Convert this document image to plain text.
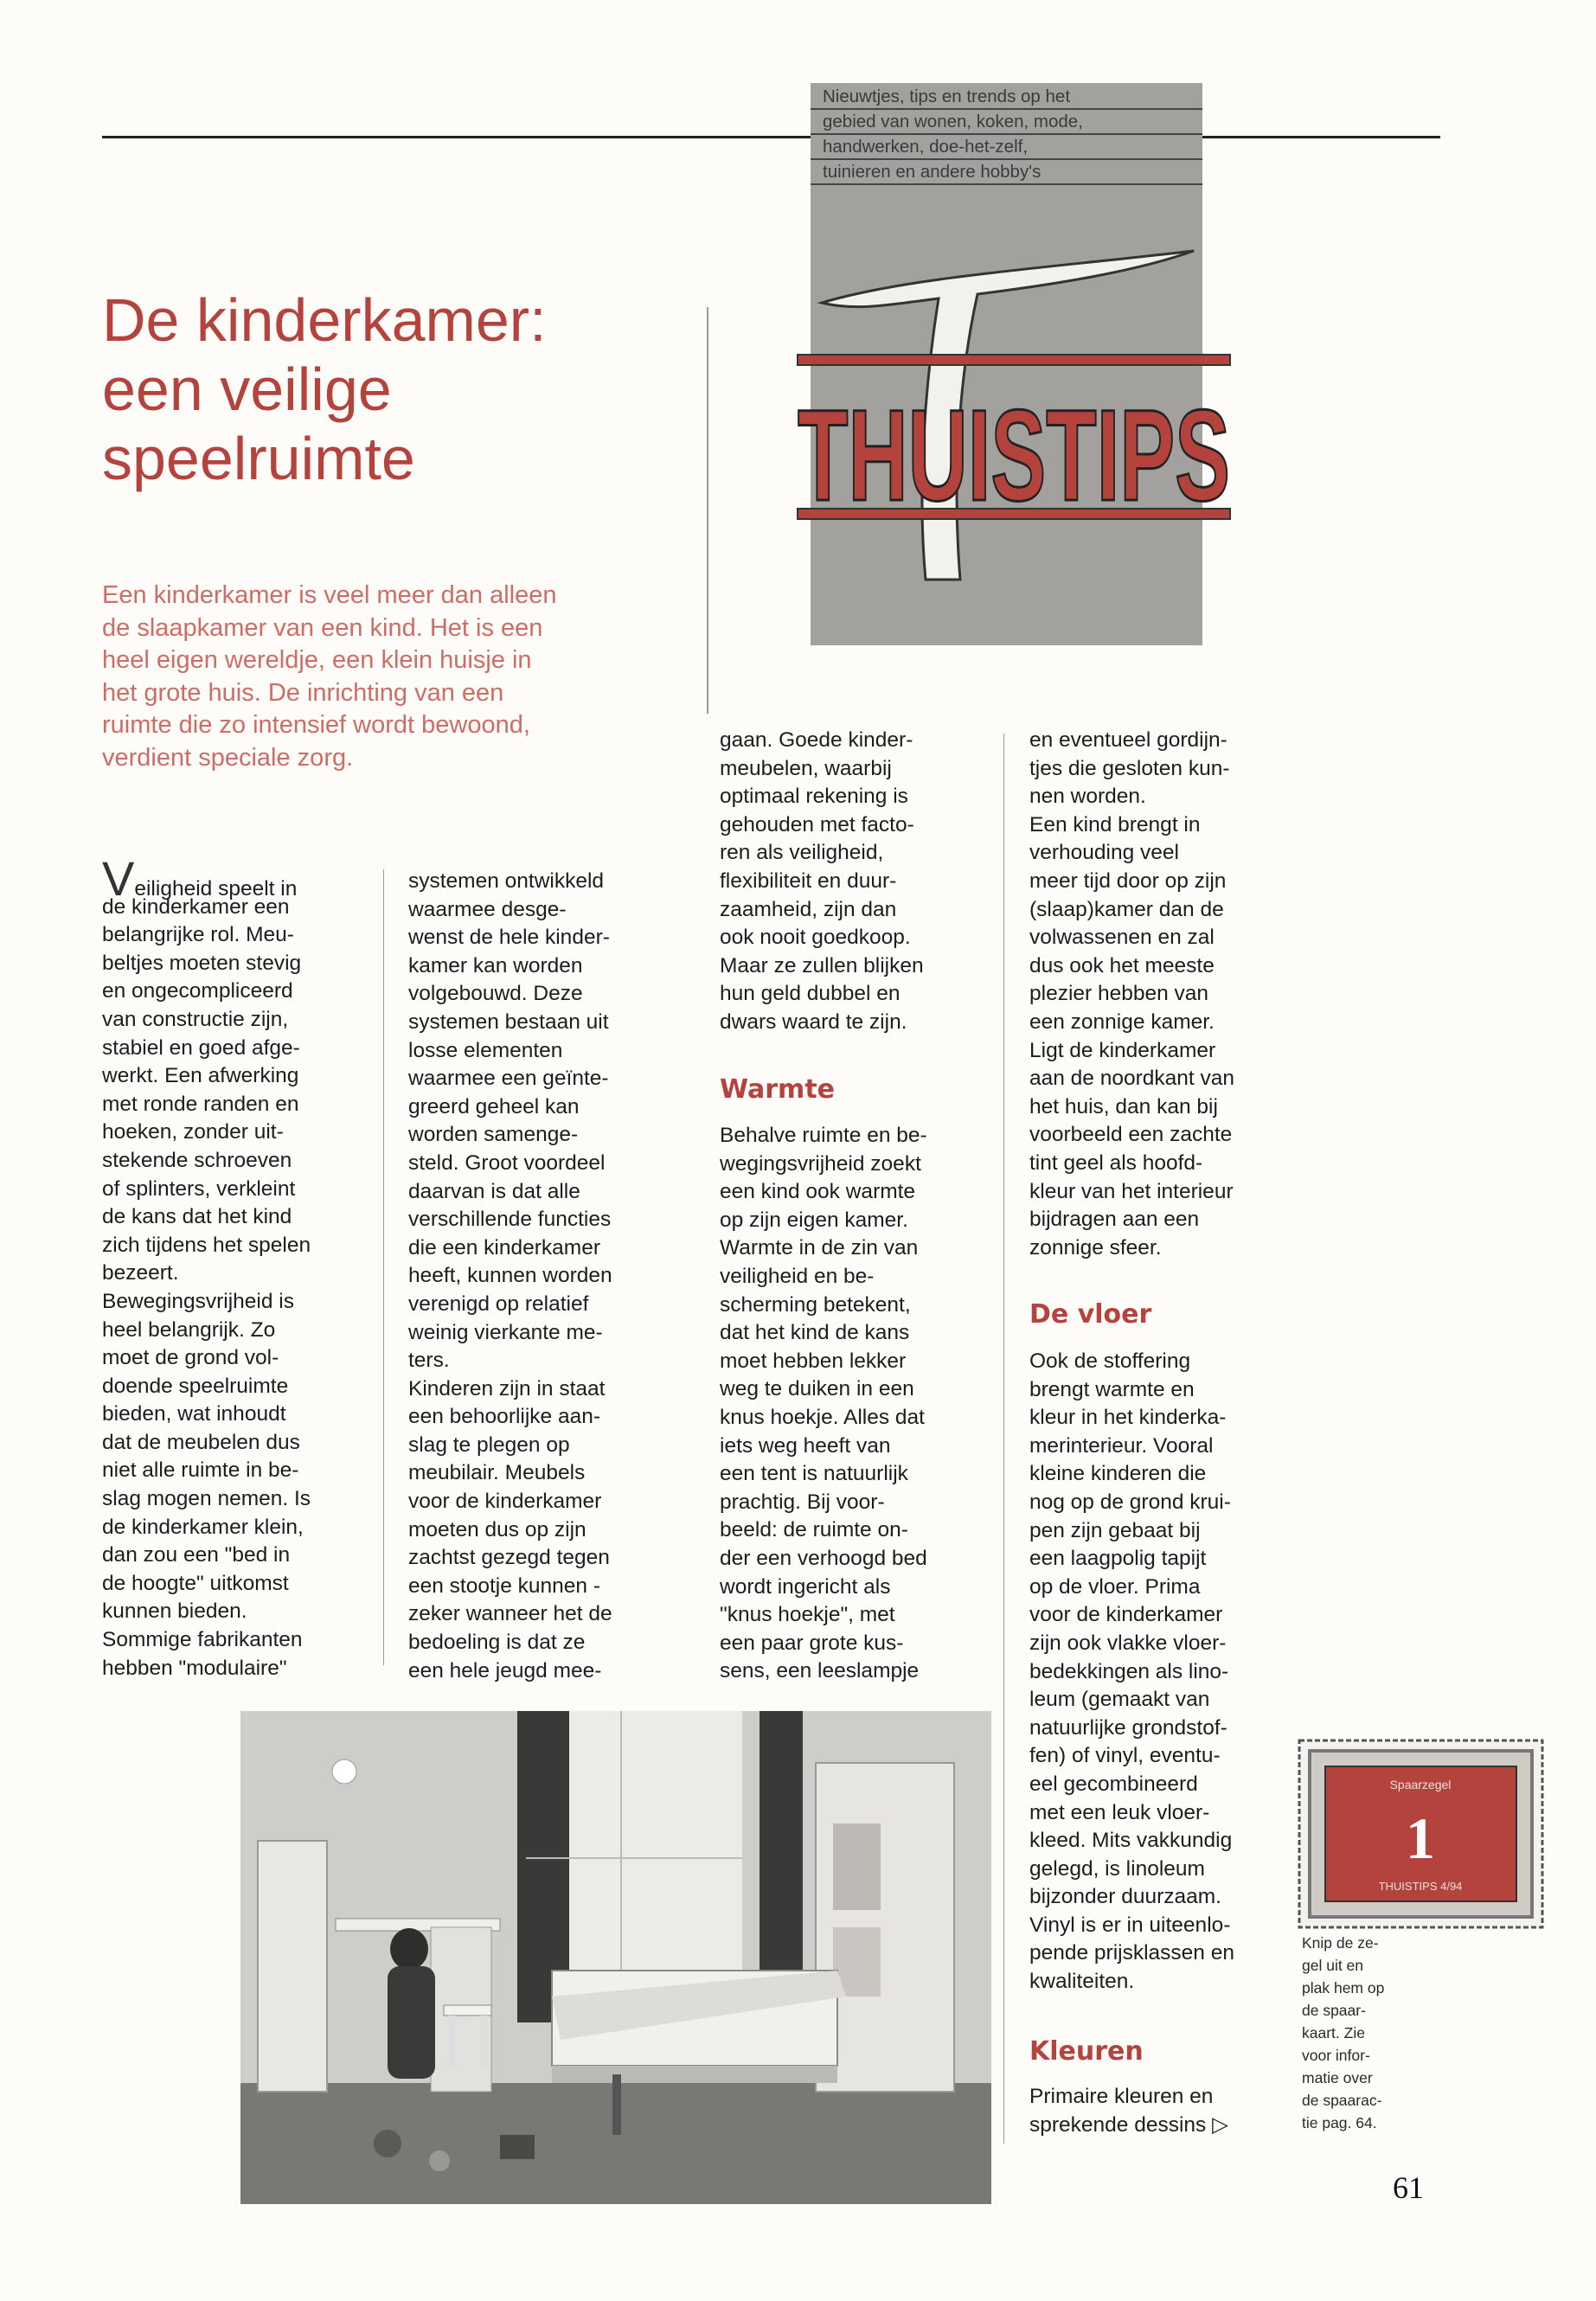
Nieuwtjes, tips en trends op het
gebied van wonen, koken, mode,
handwerken, doe-het-zelf,
tuinieren en andere hobby's
THUISTIPS
De kinderkamer:
een veilige
speelruimte
Een kinderkamer is veel meer dan alleen
de slaapkamer van een kind. Het is een
heel eigen wereldje, een klein huisje in
het grote huis. De inrichting van een
ruimte die zo intensief wordt bewoond,
verdient speciale zorg.
Veiligheid speelt in
de kinderkamer een
belangrijke rol. Meu-
beltjes moeten stevig
en ongecompliceerd
van constructie zijn,
stabiel en goed afge-
werkt. Een afwerking
met ronde randen en
hoeken, zonder uit-
stekende schroeven
of splinters, verkleint
de kans dat het kind
zich tijdens het spelen
bezeert.
Bewegingsvrijheid is
heel belangrijk. Zo
moet de grond vol-
doende speelruimte
bieden, wat inhoudt
dat de meubelen dus
niet alle ruimte in be-
slag mogen nemen. Is
de kinderkamer klein,
dan zou een "bed in
de hoogte" uitkomst
kunnen bieden.
Sommige fabrikanten
hebben "modulaire"
systemen ontwikkeld
waarmee desge-
wenst de hele kinder-
kamer kan worden
volgebouwd. Deze
systemen bestaan uit
losse elementen
waarmee een geïnte-
greerd geheel kan
worden samenge-
steld. Groot voordeel
daarvan is dat alle
verschillende functies
die een kinderkamer
heeft, kunnen worden
verenigd op relatief
weinig vierkante me-
ters.
Kinderen zijn in staat
een behoorlijke aan-
slag te plegen op
meubilair. Meubels
voor de kinderkamer
moeten dus op zijn
zachtst gezegd tegen
een stootje kunnen -
zeker wanneer het de
bedoeling is dat ze
een hele jeugd mee-
gaan. Goede kinder-
meubelen, waarbij
optimaal rekening is
gehouden met facto-
ren als veiligheid,
flexibiliteit en duur-
zaamheid, zijn dan
ook nooit goedkoop.
Maar ze zullen blijken
hun geld dubbel en
dwars waard te zijn.
Warmte
Behalve ruimte en be-
wegingsvrijheid zoekt
een kind ook warmte
op zijn eigen kamer.
Warmte in de zin van
veiligheid en be-
scherming betekent,
dat het kind de kans
moet hebben lekker
weg te duiken in een
knus hoekje. Alles dat
iets weg heeft van
een tent is natuurlijk
prachtig. Bij voor-
beeld: de ruimte on-
der een verhoogd bed
wordt ingericht als
"knus hoekje", met
een paar grote kus-
sens, een leeslampje
en eventueel gordijn-
tjes die gesloten kun-
nen worden.
Een kind brengt in
verhouding veel
meer tijd door op zijn
(slaap)kamer dan de
volwassenen en zal
dus ook het meeste
plezier hebben van
een zonnige kamer.
Ligt de kinderkamer
aan de noordkant van
het huis, dan kan bij
voorbeeld een zachte
tint geel als hoofd-
kleur van het interieur
bijdragen aan een
zonnige sfeer.
De vloer
Ook de stoffering
brengt warmte en
kleur in het kinderka-
merinterieur. Vooral
kleine kinderen die
nog op de grond krui-
pen zijn gebaat bij
een laagpolig tapijt
op de vloer. Prima
voor de kinderkamer
zijn ook vlakke vloer-
bedekkingen als lino-
leum (gemaakt van
natuurlijke grondstof-
fen) of vinyl, eventu-
eel gecombineerd
met een leuk vloer-
kleed. Mits vakkundig
gelegd, is linoleum
bijzonder duurzaam.
Vinyl is er in uiteenlo-
pende prijsklassen en
kwaliteiten.
Kleuren
Primaire kleuren en
sprekende dessins ▷
Spaarzegel
1
THUISTIPS 4/94
Knip de ze-
gel uit en
plak hem op
de spaar-
kaart. Zie
voor infor-
matie over
de spaarac-
tie pag. 64.
61
